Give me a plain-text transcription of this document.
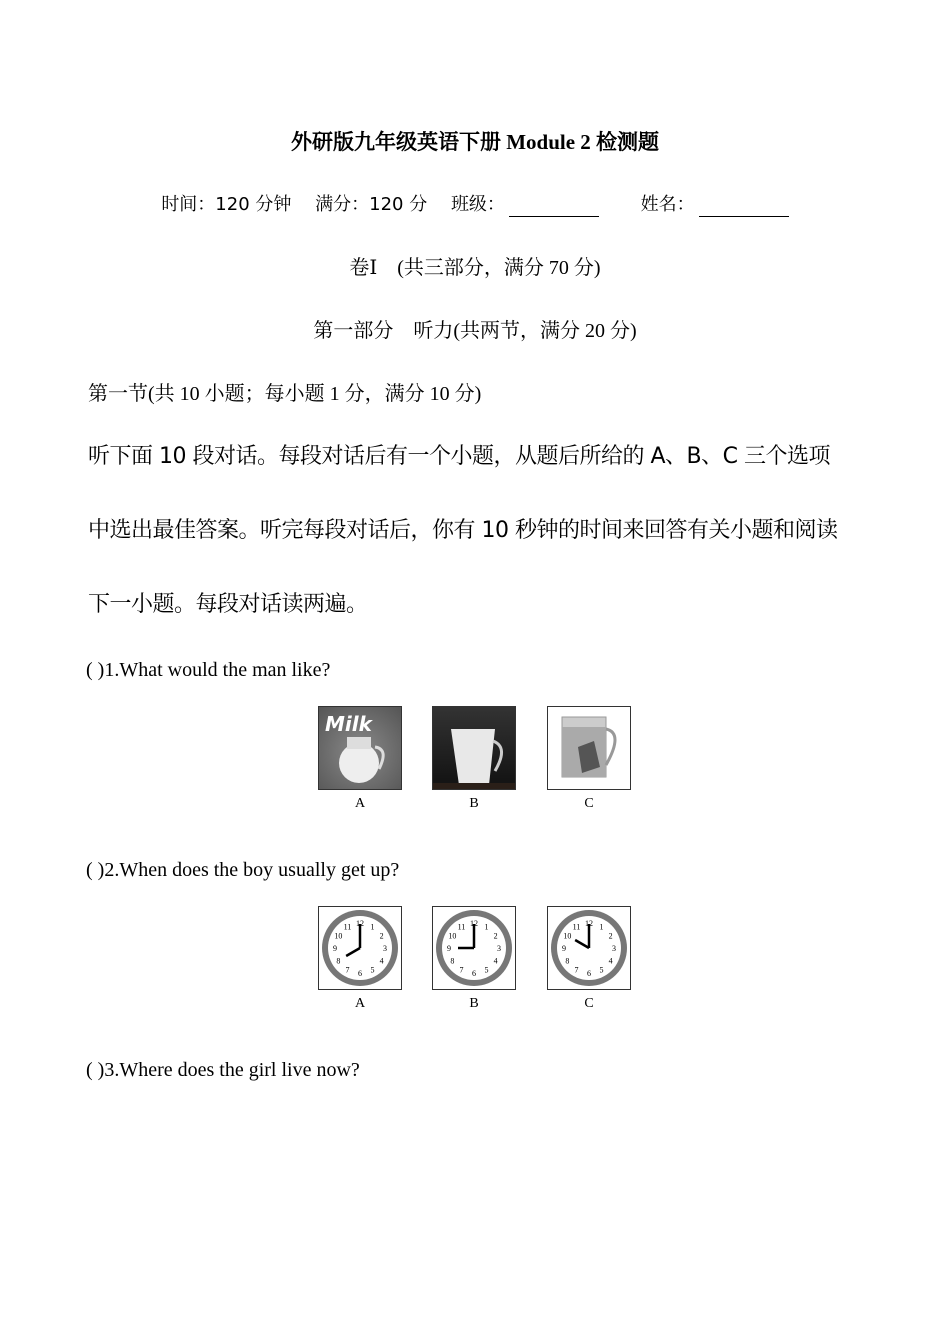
外研版九年级英语下册 Module 2 检测题
时间：120 分钟  满分：120 分  班级：  	姓名：
卷Ⅰ　(共三部分，满分 70 分)
第一部分　听力(共两节，满分 20 分)
第一节(共 10 小题；每小题 1 分，满分 10 分)
听下面 10 段对话。每段对话后有一个小题，从题后所给的 A、B、C 三个选项
中选出最佳答案。听完每段对话后，你有 10 秒钟的时间来回答有关小题和阅读
下一小题。每段对话读两遍。
( )1.What would the man like?
Milk
A	B	C
( )2.When does the boy usually get up?
1
2
3
4
5
6
7
8
9
10
11 12	1
2
3
4
5
6
7
8
9
10
11 12	1
2
3
4
5
6
7
8
9
10
11 12
A	B	C
( )3.Where does the girl live now?
